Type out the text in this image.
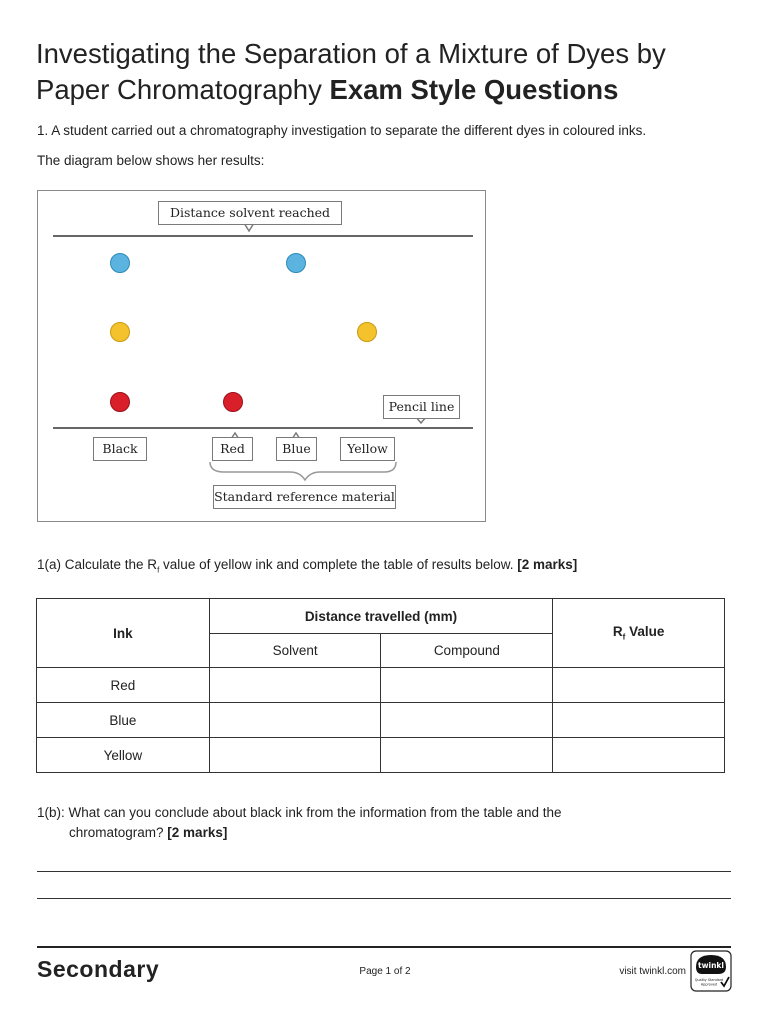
Investigating the Separation of a Mixture of Dyes by
Paper Chromatography Exam Style Questions
1. A student carried out a chromatography investigation to separate the different dyes in coloured inks.
The diagram below shows her results:
Distance solvent reached
Pencil line
Black	Red	Blue	Yellow
Standard reference material
1(a) Calculate the $R_f$ value of yellow ink and complete the table of results below. [2 marks]
Ink	Distance travelled (mm)		$R_f$ Value
	Solvent	Compound	
Red			
Blue			
Yellow			
1(b): What can you conclude about black ink from the information from the table and the
chromatogram? [2 marks]
Secondary	Page 1 of 2	visit twinkl.com
twinkl
Quality Standard
Approved
